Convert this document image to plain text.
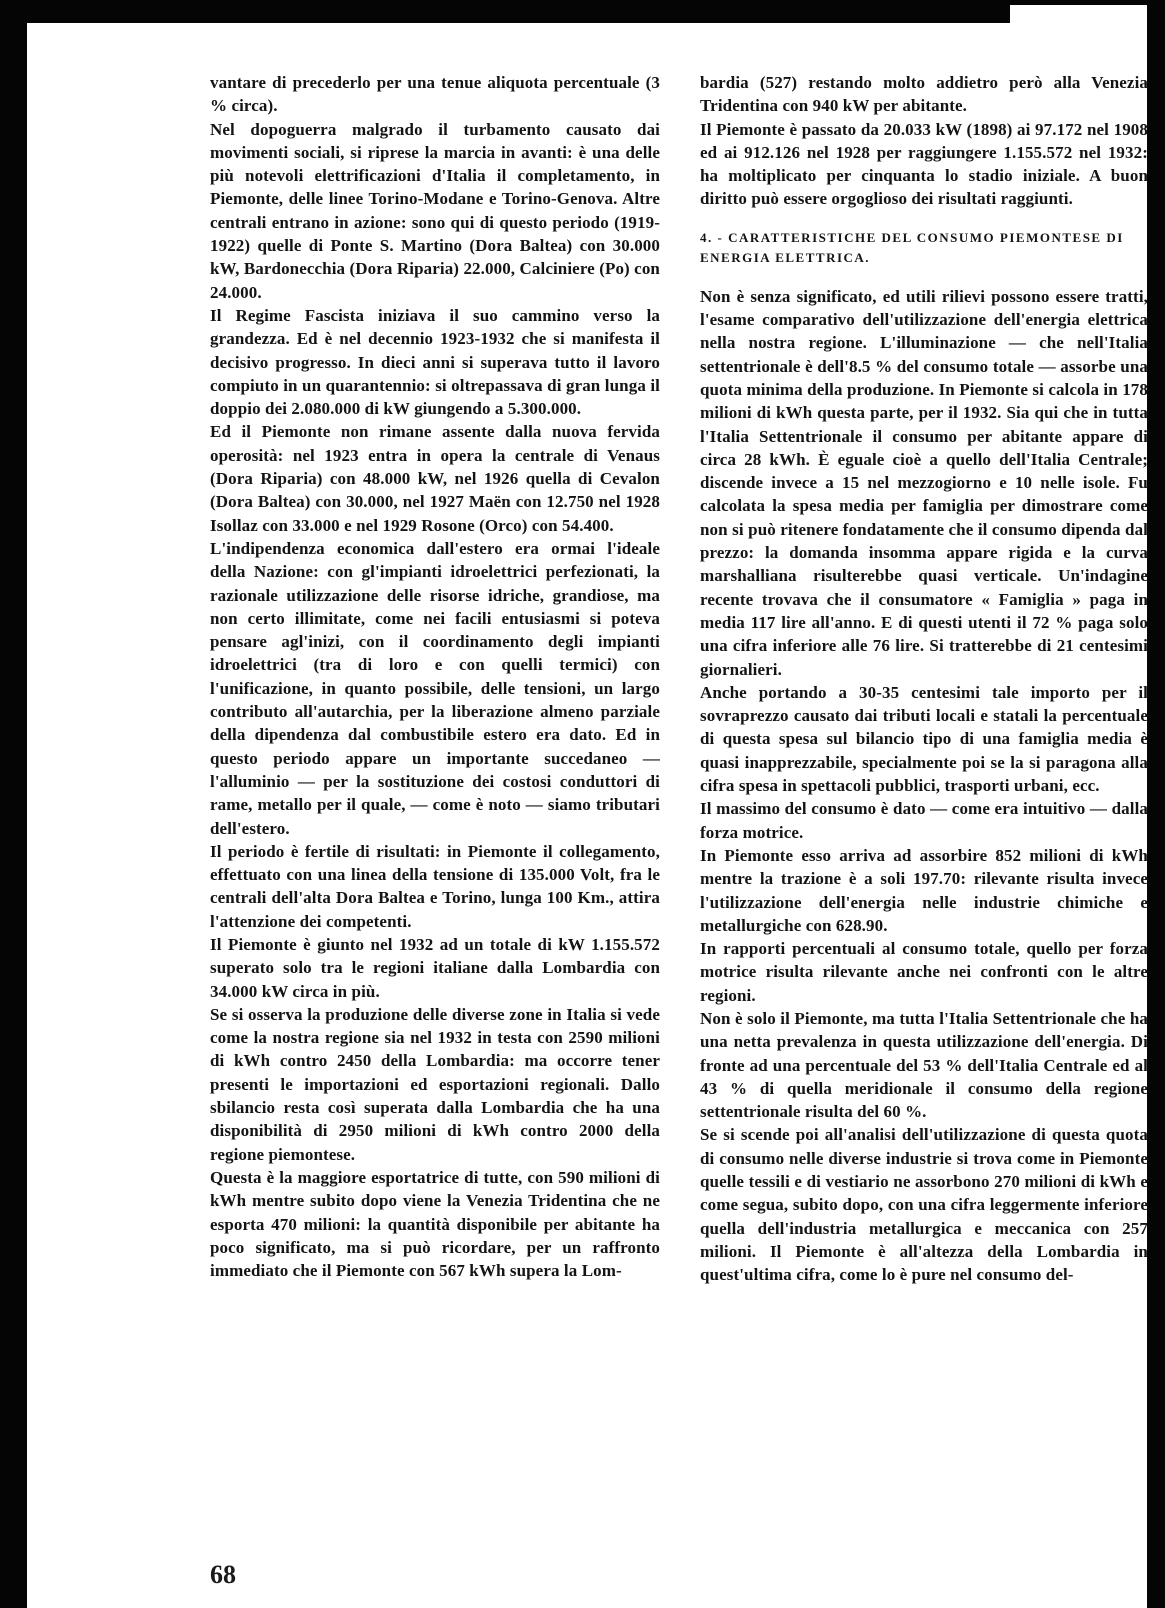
vantare di precederlo per una tenue aliquota percentuale (3 % circa).

Nel dopoguerra malgrado il turbamento causato dai movimenti sociali, si riprese la marcia in avanti: è una delle più notevoli elettrificazioni d'Italia il completamento, in Piemonte, delle linee Torino-Modane e Torino-Genova. Altre centrali entrano in azione: sono qui di questo periodo (1919-1922) quelle di Ponte S. Martino (Dora Baltea) con 30.000 kW, Bardonecchia (Dora Riparia) 22.000, Calciniere (Po) con 24.000.

Il Regime Fascista iniziava il suo cammino verso la grandezza. Ed è nel decennio 1923-1932 che si manifesta il decisivo progresso. In dieci anni si superava tutto il lavoro compiuto in un quarantennio: si oltrepassava di gran lunga il doppio dei 2.080.000 di kW giungendo a 5.300.000.

Ed il Piemonte non rimane assente dalla nuova fervida operosità: nel 1923 entra in opera la centrale di Venaus (Dora Riparia) con 48.000 kW, nel 1926 quella di Cevalon (Dora Baltea) con 30.000, nel 1927 Maën con 12.750 nel 1928 Isollaz con 33.000 e nel 1929 Rosone (Orco) con 54.400.

L'indipendenza economica dall'estero era ormai l'ideale della Nazione: con gl'impianti idroelettrici perfezionati, la razionale utilizzazione delle risorse idriche, grandiose, ma non certo illimitate, come nei facili entusiasmi si poteva pensare agl'inizi, con il coordinamento degli impianti idroelettrici (tra di loro e con quelli termici) con l'unificazione, in quanto possibile, delle tensioni, un largo contributo all'autarchia, per la liberazione almeno parziale della dipendenza dal combustibile estero era dato. Ed in questo periodo appare un importante succedaneo — l'alluminio — per la sostituzione dei costosi conduttori di rame, metallo per il quale, — come è noto — siamo tributari dell'estero.

Il periodo è fertile di risultati: in Piemonte il collegamento, effettuato con una linea della tensione di 135.000 Volt, fra le centrali dell'alta Dora Baltea e Torino, lunga 100 Km., attira l'attenzione dei competenti.

Il Piemonte è giunto nel 1932 ad un totale di kW 1.155.572 superato solo tra le regioni italiane dalla Lombardia con 34.000 kW circa in più.

Se si osserva la produzione delle diverse zone in Italia si vede come la nostra regione sia nel 1932 in testa con 2590 milioni di kWh contro 2450 della Lombardia: ma occorre tener presenti le importazioni ed esportazioni regionali. Dallo sbilancio resta così superata dalla Lombardia che ha una disponibilità di 2950 milioni di kWh contro 2000 della regione piemontese.

Questa è la maggiore esportatrice di tutte, con 590 milioni di kWh mentre subito dopo viene la Venezia Tridentina che ne esporta 470 milioni: la quantità disponibile per abitante ha poco significato, ma si può ricordare, per un raffronto immediato che il Piemonte con 567 kWh supera la Lom-

bardia (527) restando molto addietro però alla Venezia Tridentina con 940 kW per abitante.

Il Piemonte è passato da 20.033 kW (1898) ai 97.172 nel 1908 ed ai 912.126 nel 1928 per raggiungere 1.155.572 nel 1932: ha moltiplicato per cinquanta lo stadio iniziale. A buon diritto può essere orgoglioso dei risultati raggiunti.

4. - CARATTERISTICHE DEL CONSUMO PIEMONTESE DI ENERGIA ELETTRICA.

Non è senza significato, ed utili rilievi possono essere tratti, l'esame comparativo dell'utilizzazione dell'energia elettrica nella nostra regione. L'illuminazione — che nell'Italia settentrionale è dell'8.5 % del consumo totale — assorbe una quota minima della produzione. In Piemonte si calcola in 178 milioni di kWh questa parte, per il 1932. Sia qui che in tutta l'Italia Settentrionale il consumo per abitante appare di circa 28 kWh. È eguale cioè a quello dell'Italia Centrale; discende invece a 15 nel mezzogiorno e 10 nelle isole. Fu calcolata la spesa media per famiglia per dimostrare come non si può ritenere fondatamente che il consumo dipenda dal prezzo: la domanda insomma appare rigida e la curva marshalliana risulterebbe quasi verticale. Un'indagine recente trovava che il consumatore « Famiglia » paga in media 117 lire all'anno. E di questi utenti il 72 % paga solo una cifra inferiore alle 76 lire. Si tratterebbe di 21 centesimi giornalieri.

Anche portando a 30-35 centesimi tale importo per il sovraprezzo causato dai tributi locali e statali la percentuale di questa spesa sul bilancio tipo di una famiglia media è quasi inapprezzabile, specialmente poi se la si paragona alla cifra spesa in spettacoli pubblici, trasporti urbani, ecc.

Il massimo del consumo è dato — come era intuitivo — dalla forza motrice.

In Piemonte esso arriva ad assorbire 852 milioni di kWh mentre la trazione è a soli 197.70: rilevante risulta invece l'utilizzazione dell'energia nelle industrie chimiche e metallurgiche con 628.90.

In rapporti percentuali al consumo totale, quello per forza motrice risulta rilevante anche nei confronti con le altre regioni.

Non è solo il Piemonte, ma tutta l'Italia Settentrionale che ha una netta prevalenza in questa utilizzazione dell'energia. Di fronte ad una percentuale del 53 % dell'Italia Centrale ed al 43 % di quella meridionale il consumo della regione settentrionale risulta del 60 %.

Se si scende poi all'analisi dell'utilizzazione di questa quota di consumo nelle diverse industrie si trova come in Piemonte quelle tessili e di vestiario ne assorbono 270 milioni di kWh e come segua, subito dopo, con una cifra leggermente inferiore quella dell'industria metallurgica e meccanica con 257 milioni. Il Piemonte è all'altezza della Lombardia in quest'ultima cifra, come lo è pure nel consumo del-

68
